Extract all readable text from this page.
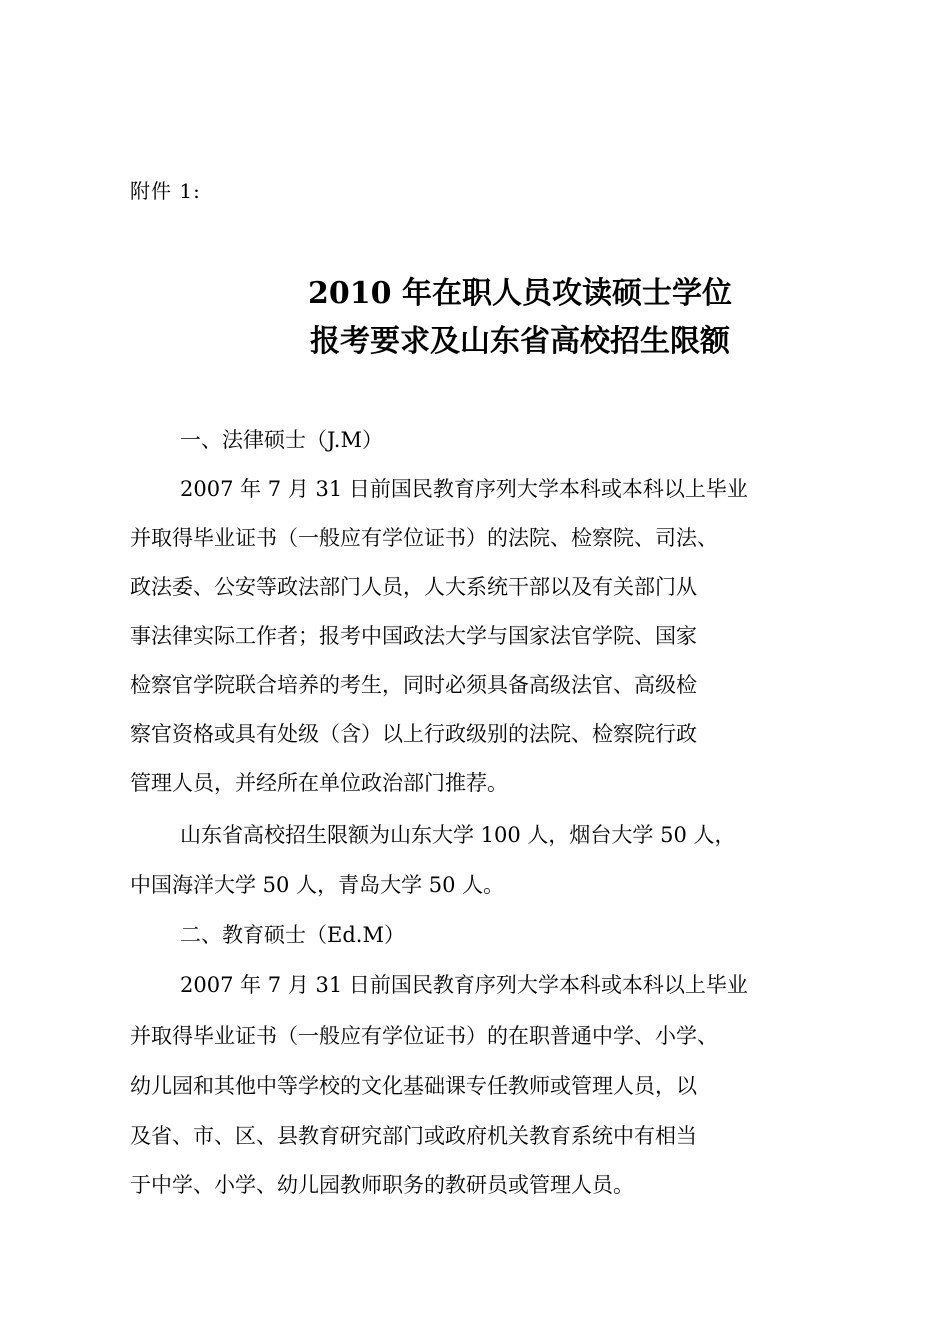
附件 1:
2010 年在职人员攻读硕士学位
报考要求及山东省高校招生限额
一、法律硕士（J.M）
2007 年 7 月 31 日前国民教育序列大学本科或本科以上毕业
并取得毕业证书（一般应有学位证书）的法院、检察院、司法、
政法委、公安等政法部门人员，人大系统干部以及有关部门从
事法律实际工作者；报考中国政法大学与国家法官学院、国家
检察官学院联合培养的考生，同时必须具备高级法官、高级检
察官资格或具有处级（含）以上行政级别的法院、检察院行政
管理人员，并经所在单位政治部门推荐。
山东省高校招生限额为山东大学 100 人，烟台大学 50 人，
中国海洋大学 50 人，青岛大学 50 人。
二、教育硕士（Ed.M）
2007 年 7 月 31 日前国民教育序列大学本科或本科以上毕业
并取得毕业证书（一般应有学位证书）的在职普通中学、小学、
幼儿园和其他中等学校的文化基础课专任教师或管理人员，以
及省、市、区、县教育研究部门或政府机关教育系统中有相当
于中学、小学、幼儿园教师职务的教研员或管理人员。
